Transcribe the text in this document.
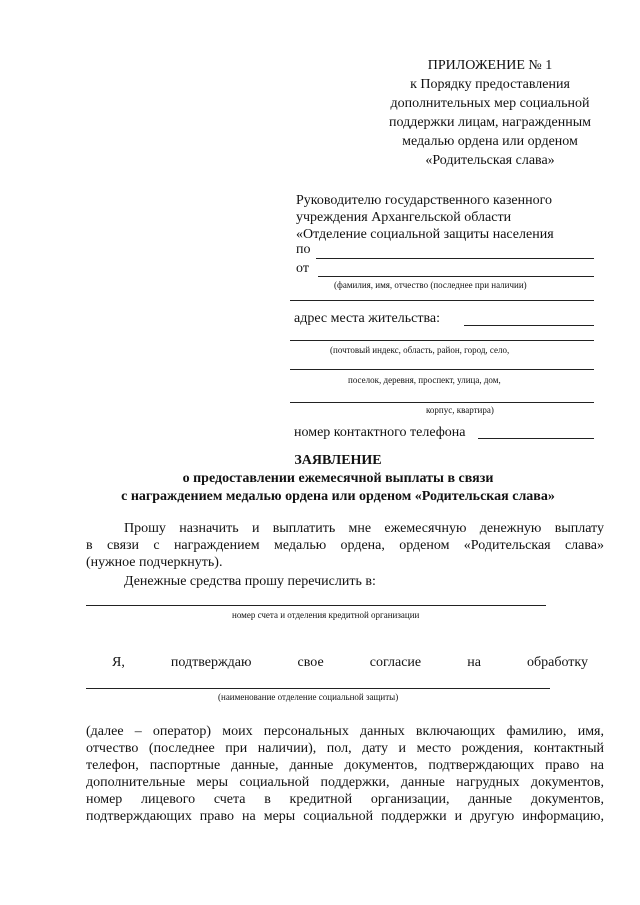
ПРИЛОЖЕНИЕ № 1
к Порядку предоставления
дополнительных мер социальной
поддержки лицам, награжденным
медалью ордена или орденом
«Родительская слава»
Руководителю государственного казенного
учреждения Архангельской области
«Отделение социальной защиты населения
по
от
(фамилия, имя, отчество (последнее при наличии)
адрес места жительства:
(почтовый индекс, область, район, город, село,
поселок, деревня, проспект, улица, дом,
корпус, квартира)
номер контактного телефона
ЗАЯВЛЕНИЕ
о предоставлении ежемесячной выплаты в связи
с награждением медалью ордена или орденом «Родительская слава»
Прошу назначить и выплатить мне ежемесячную денежную выплату
в связи с награждением медалью ордена, орденом «Родительская слава»
(нужное подчеркнуть).
Денежные средства прошу перечислить в:
номер счета и отделения кредитной организации
Я,	подтверждаю	свое	согласие	на	обработку
(наименование отделение социальной защиты)
(далее – оператор) моих персональных данных включающих фамилию, имя,
отчество (последнее при наличии), пол, дату и место рождения, контактный
телефон, паспортные данные, данные документов, подтверждающих право на
дополнительные меры социальной поддержки, данные нагрудных документов,
номер лицевого счета в кредитной организации, данные документов,
подтверждающих право на меры социальной поддержки и другую информацию,
